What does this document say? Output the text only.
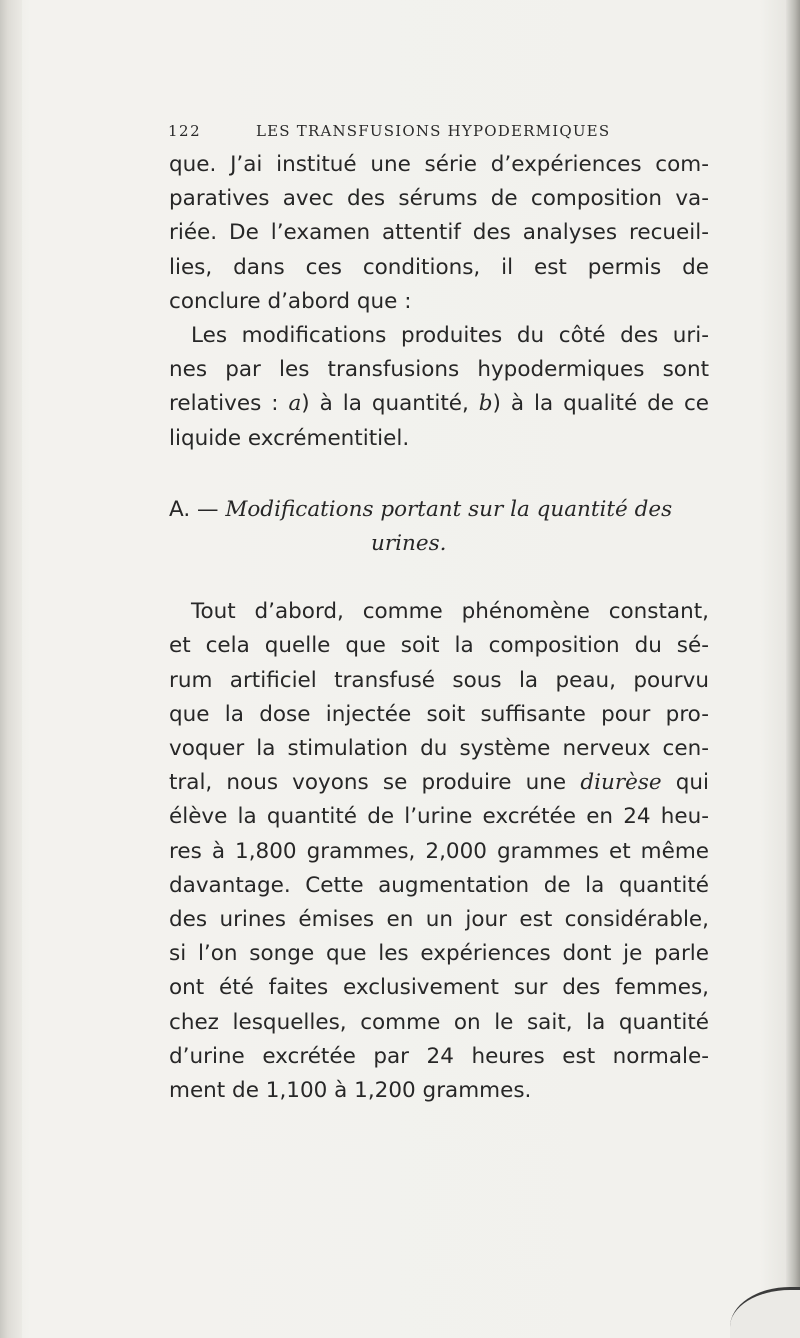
122	LES TRANSFUSIONS HYPODERMIQUES
que. J’ai institué une série d’expériences com-
paratives avec des sérums de composition va-
riée. De l’examen attentif des analyses recueil-
lies, dans ces conditions, il est permis de
conclure d’abord que :
Les modifications produites du côté des uri-
nes par les transfusions hypodermiques sont
relatives : a) à la quantité, b) à la qualité de ce
liquide excrémentitiel.
A. — Modifications portant sur la quantité des
urines.
Tout d’abord, comme phénomène constant,
et cela quelle que soit la composition du sé-
rum artificiel transfusé sous la peau, pourvu
que la dose injectée soit suffisante pour pro-
voquer la stimulation du système nerveux cen-
tral, nous voyons se produire une diurèse qui
élève la quantité de l’urine excrétée en 24 heu-
res à 1,800 grammes, 2,000 grammes et même
davantage. Cette augmentation de la quantité
des urines émises en un jour est considérable,
si l’on songe que les expériences dont je parle
ont été faites exclusivement sur des femmes,
chez lesquelles, comme on le sait, la quantité
d’urine excrétée par 24 heures est normale-
ment de 1,100 à 1,200 grammes.
